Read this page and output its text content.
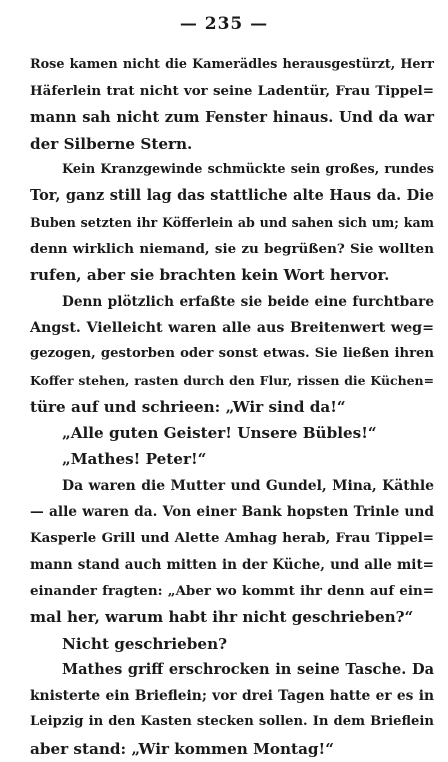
— 235 —
Rose kamen nicht die Kamerädles herausgestürzt, Herr
Häferlein trat nicht vor seine Ladentür, Frau Tippel=
mann sah nicht zum Fenster hinaus. Und da war
der Silberne Stern.
Kein Kranzgewinde schmückte sein großes, rundes
Tor, ganz still lag das stattliche alte Haus da. Die
Buben setzten ihr Köfferlein ab und sahen sich um; kam
denn wirklich niemand, sie zu begrüßen? Sie wollten
rufen, aber sie brachten kein Wort hervor.
Denn plötzlich erfaßte sie beide eine furchtbare
Angst. Vielleicht waren alle aus Breitenwert weg=
gezogen, gestorben oder sonst etwas. Sie ließen ihren
Koffer stehen, rasten durch den Flur, rissen die Küchen=
türe auf und schrieen: „Wir sind da!“
„Alle guten Geister! Unsere Bübles!“
„Mathes! Peter!“
Da waren die Mutter und Gundel, Mina, Käthle
— alle waren da. Von einer Bank hopsten Trinle und
Kasperle Grill und Alette Amhag herab, Frau Tippel=
mann stand auch mitten in der Küche, und alle mit=
einander fragten: „Aber wo kommt ihr denn auf ein=
mal her, warum habt ihr nicht geschrieben?“
Nicht geschrieben?
Mathes griff erschrocken in seine Tasche. Da
knisterte ein Brieflein; vor drei Tagen hatte er es in
Leipzig in den Kasten stecken sollen. In dem Brieflein
aber stand: „Wir kommen Montag!“
